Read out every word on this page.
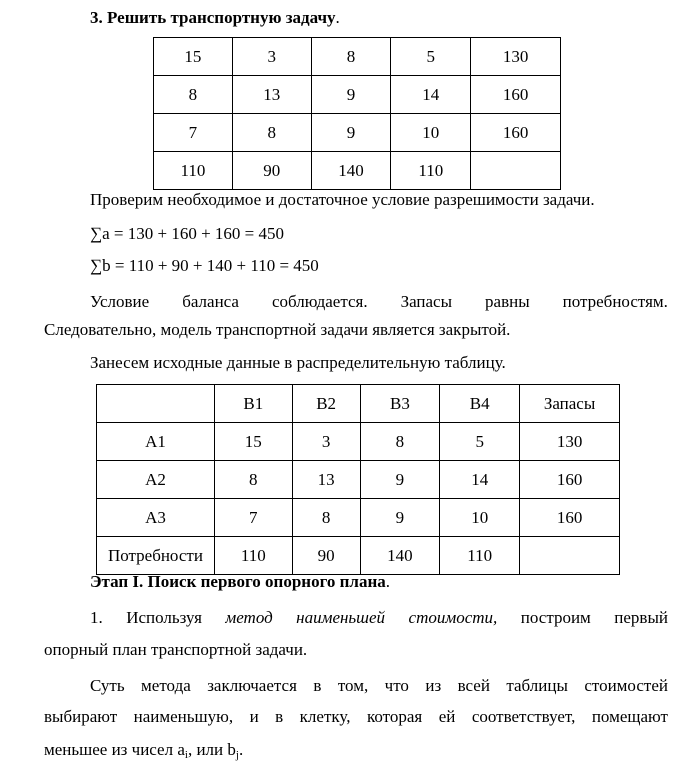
3. Решить транспортную задачу.
15	3	8	5	130
8	13	9	14	160
7	8	9	10	160
110	90	140	110	
Проверим необходимое и достаточное условие разрешимости задачи.
∑a = 130 + 160 + 160 = 450
∑b = 110 + 90 + 140 + 110 = 450
Условие баланса соблюдается. Запасы равны потребностям.
Следовательно, модель транспортной задачи является закрытой.
Занесем исходные данные в распределительную таблицу.
	B1	B2	B3	B4	Запасы
A1	15	3	8	5	130
A2	8	13	9	14	160
A3	7	8	9	10	160
Потребности	110	90	140	110	
Этап I. Поиск первого опорного плана.
1. Используя метод наименьшей стоимости, построим первый
опорный план транспортной задачи.
Суть метода заключается в том, что из всей таблицы стоимостей
выбирают наименьшую, и в клетку, которая ей соответствует, помещают
меньшее из чисел $a_i$, или $b_j$.
